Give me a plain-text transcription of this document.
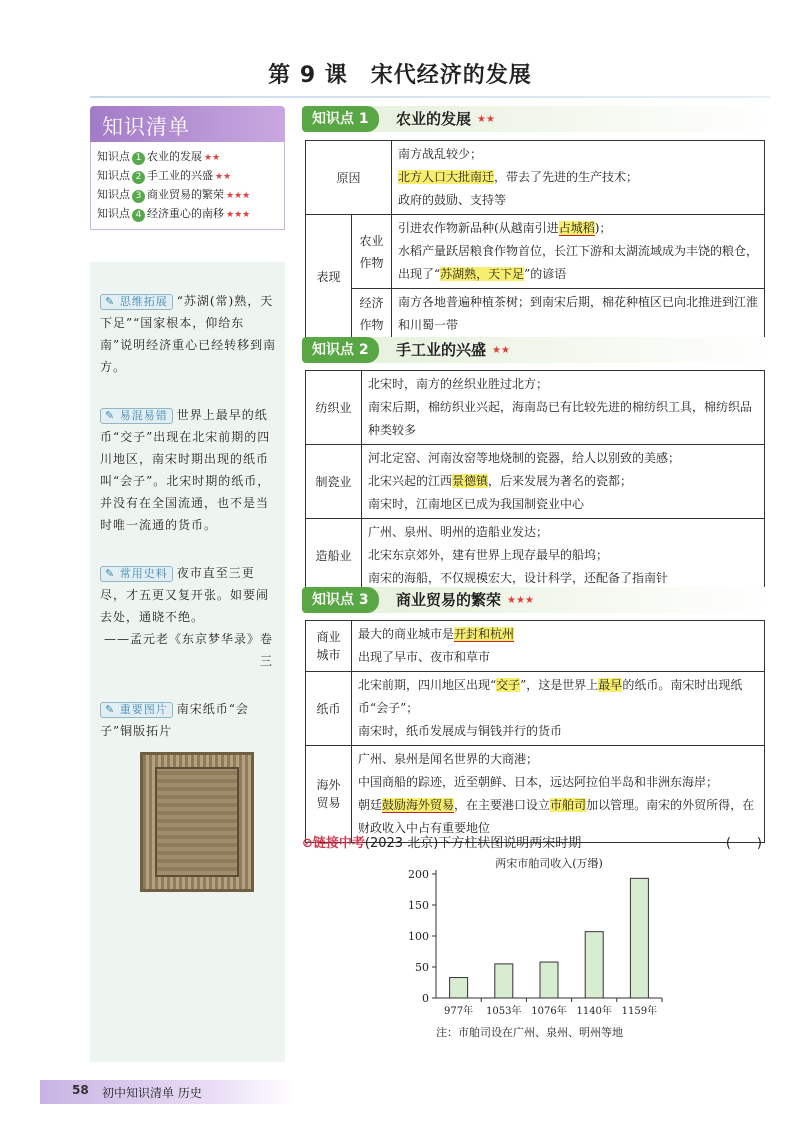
第 9 课　宋代经济的发展
知识清单
知识点 1 农业的发展 ★★
知识点 2 手工业的兴盛 ★★
知识点 3 商业贸易的繁荣 ★★★
知识点 4 经济重心的南移 ★★★
✎ 思维拓展 “苏湖(常)熟，天下足”“国家根本，仰给东南”说明经济重心已经转移到南方。
✎ 易混易错 世界上最早的纸币“交子”出现在北宋前期的四川地区，南宋时期出现的纸币叫“会子”。北宋时期的纸币，并没有在全国流通，也不是当时唯一流通的货币。
✎ 常用史料 夜市直至三更尽，才五更又复开张。如要闹去处，通晓不绝。
——孟元老《东京梦华录》卷三
✎ 重要图片 南宋纸币“会子”铜版拓片
知识点 1	农业的发展 ★★
原因		南方战乱较少；
北方人口大批南迁，带去了先进的生产技术；
政府的鼓励、支持等

表现	农业作物	引进农作物新品种(从越南引进占城稻)；
水稻产量跃居粮食作物首位，长江下游和太湖流域成为丰饶的粮仓，出现了“苏湖熟，天下足”的谚语

	经济作物	南方各地普遍种植茶树；到南宋后期，棉花种植区已向北推进到江淮和川蜀一带
知识点 2	手工业的兴盛 ★★
纺织业	北宋时，南方的丝织业胜过北方；
南宋后期，棉纺织业兴起，海南岛已有比较先进的棉纺织工具，棉纺织品种类较多

制瓷业	河北定窑、河南汝窑等地烧制的瓷器，给人以别致的美感；
北宋兴起的江西景德镇，后来发展为著名的瓷都；
南宋时，江南地区已成为我国制瓷业中心

造船业	广州、泉州、明州的造船业发达；
北宋东京郊外，建有世界上现存最早的船坞；
南宋的海船，不仅规模宏大，设计科学，还配备了指南针
知识点 3	商业贸易的繁荣 ★★★
商业城市	最大的商业城市是开封和杭州
出现了早市、夜市和草市

纸币	北宋前期，四川地区出现“交子”，这是世界上最早的纸币。南宋时出现纸币“会子”；
南宋时，纸币发展成与铜钱并行的货币

海外贸易	广州、泉州是闻名世界的大商港；
中国商船的踪迹，近至朝鲜、日本，远达阿拉伯半岛和非洲东海岸；
朝廷鼓励海外贸易，在主要港口设立市舶司加以管理。南宋的外贸所得，在财政收入中占有重要地位
⊘链接中考(2023 北京)下方柱状图说明两宋时期	(　　)
两宋市舶司收入(万缗)
0
50
100
150
200
977年 1053年 1076年 1140年 1159年
注：市舶司设在广州、泉州、明州等地
58 初中知识清单 历史
